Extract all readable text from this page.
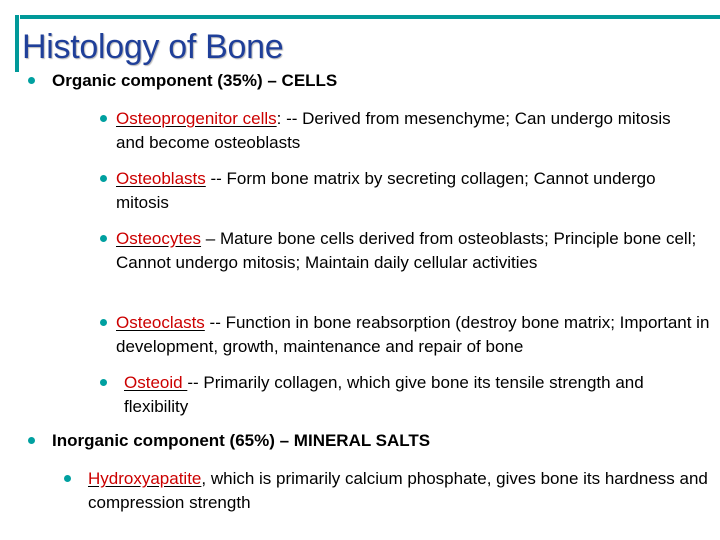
Histology of Bone

Organic component (35%) – CELLS

Osteoprogenitor cells: -- Derived from mesenchyme; Can undergo mitosis and become osteoblasts

Osteoblasts -- Form bone matrix by secreting collagen; Cannot undergo mitosis

Osteocytes – Mature bone cells derived from osteoblasts; Principle bone cell; Cannot undergo mitosis; Maintain daily cellular activities

Osteoclasts -- Function in bone reabsorption (destroy bone matrix; Important in development, growth, maintenance and repair of bone

Osteoid -- Primarily collagen, which give bone its tensile strength and flexibility

Inorganic component (65%) – MINERAL SALTS

Hydroxyapatite, which is primarily calcium phosphate, gives bone its hardness and compression strength
